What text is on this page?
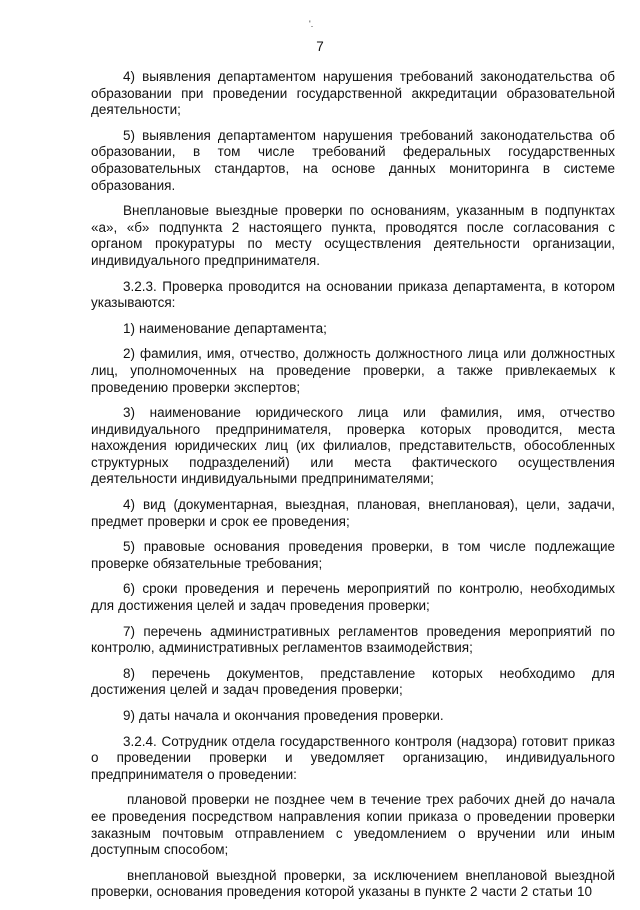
'.
7

4) выявления департаментом нарушения требований законодательства об образовании при проведении государственной аккредитации образовательной деятельности;

5) выявления департаментом нарушения требований законодательства об образовании, в том числе требований федеральных государственных образовательных стандартов, на основе данных мониторинга в системе образования.

Внеплановые выездные проверки по основаниям, указанным в подпунктах «а», «б» подпункта 2 настоящего пункта, проводятся после согласования с органом прокуратуры по месту осуществления деятельности организации, индивидуального предпринимателя.

3.2.3. Проверка проводится на основании приказа департамента, в котором указываются:

1) наименование департамента;

2) фамилия, имя, отчество, должность должностного лица или должностных лиц, уполномоченных на проведение проверки, а также привлекаемых к проведению проверки экспертов;

3) наименование юридического лица или фамилия, имя, отчество индивидуального предпринимателя, проверка которых проводится, места нахождения юридических лиц (их филиалов, представительств, обособленных структурных подразделений) или места фактического осуществления деятельности индивидуальными предпринимателями;

4) вид (документарная, выездная, плановая, внеплановая), цели, задачи, предмет проверки и срок ее проведения;

5) правовые основания проведения проверки, в том числе подлежащие проверке обязательные требования;

6) сроки проведения и перечень мероприятий по контролю, необходимых для достижения целей и задач проведения проверки;

7) перечень административных регламентов проведения мероприятий по контролю, административных регламентов взаимодействия;

8) перечень документов, представление которых необходимо для достижения целей и задач проведения проверки;

9) даты начала и окончания проведения проверки.

3.2.4. Сотрудник отдела государственного контроля (надзора) готовит приказ о проведении проверки и уведомляет организацию, индивидуального предпринимателя о проведении:

плановой проверки не позднее чем в течение трех рабочих дней до начала ее проведения посредством направления копии приказа о проведении проверки заказным почтовым отправлением с уведомлением о вручении или иным доступным способом;

внеплановой выездной проверки, за исключением внеплановой выездной проверки, основания проведения которой указаны в пункте 2 части 2 статьи 10
